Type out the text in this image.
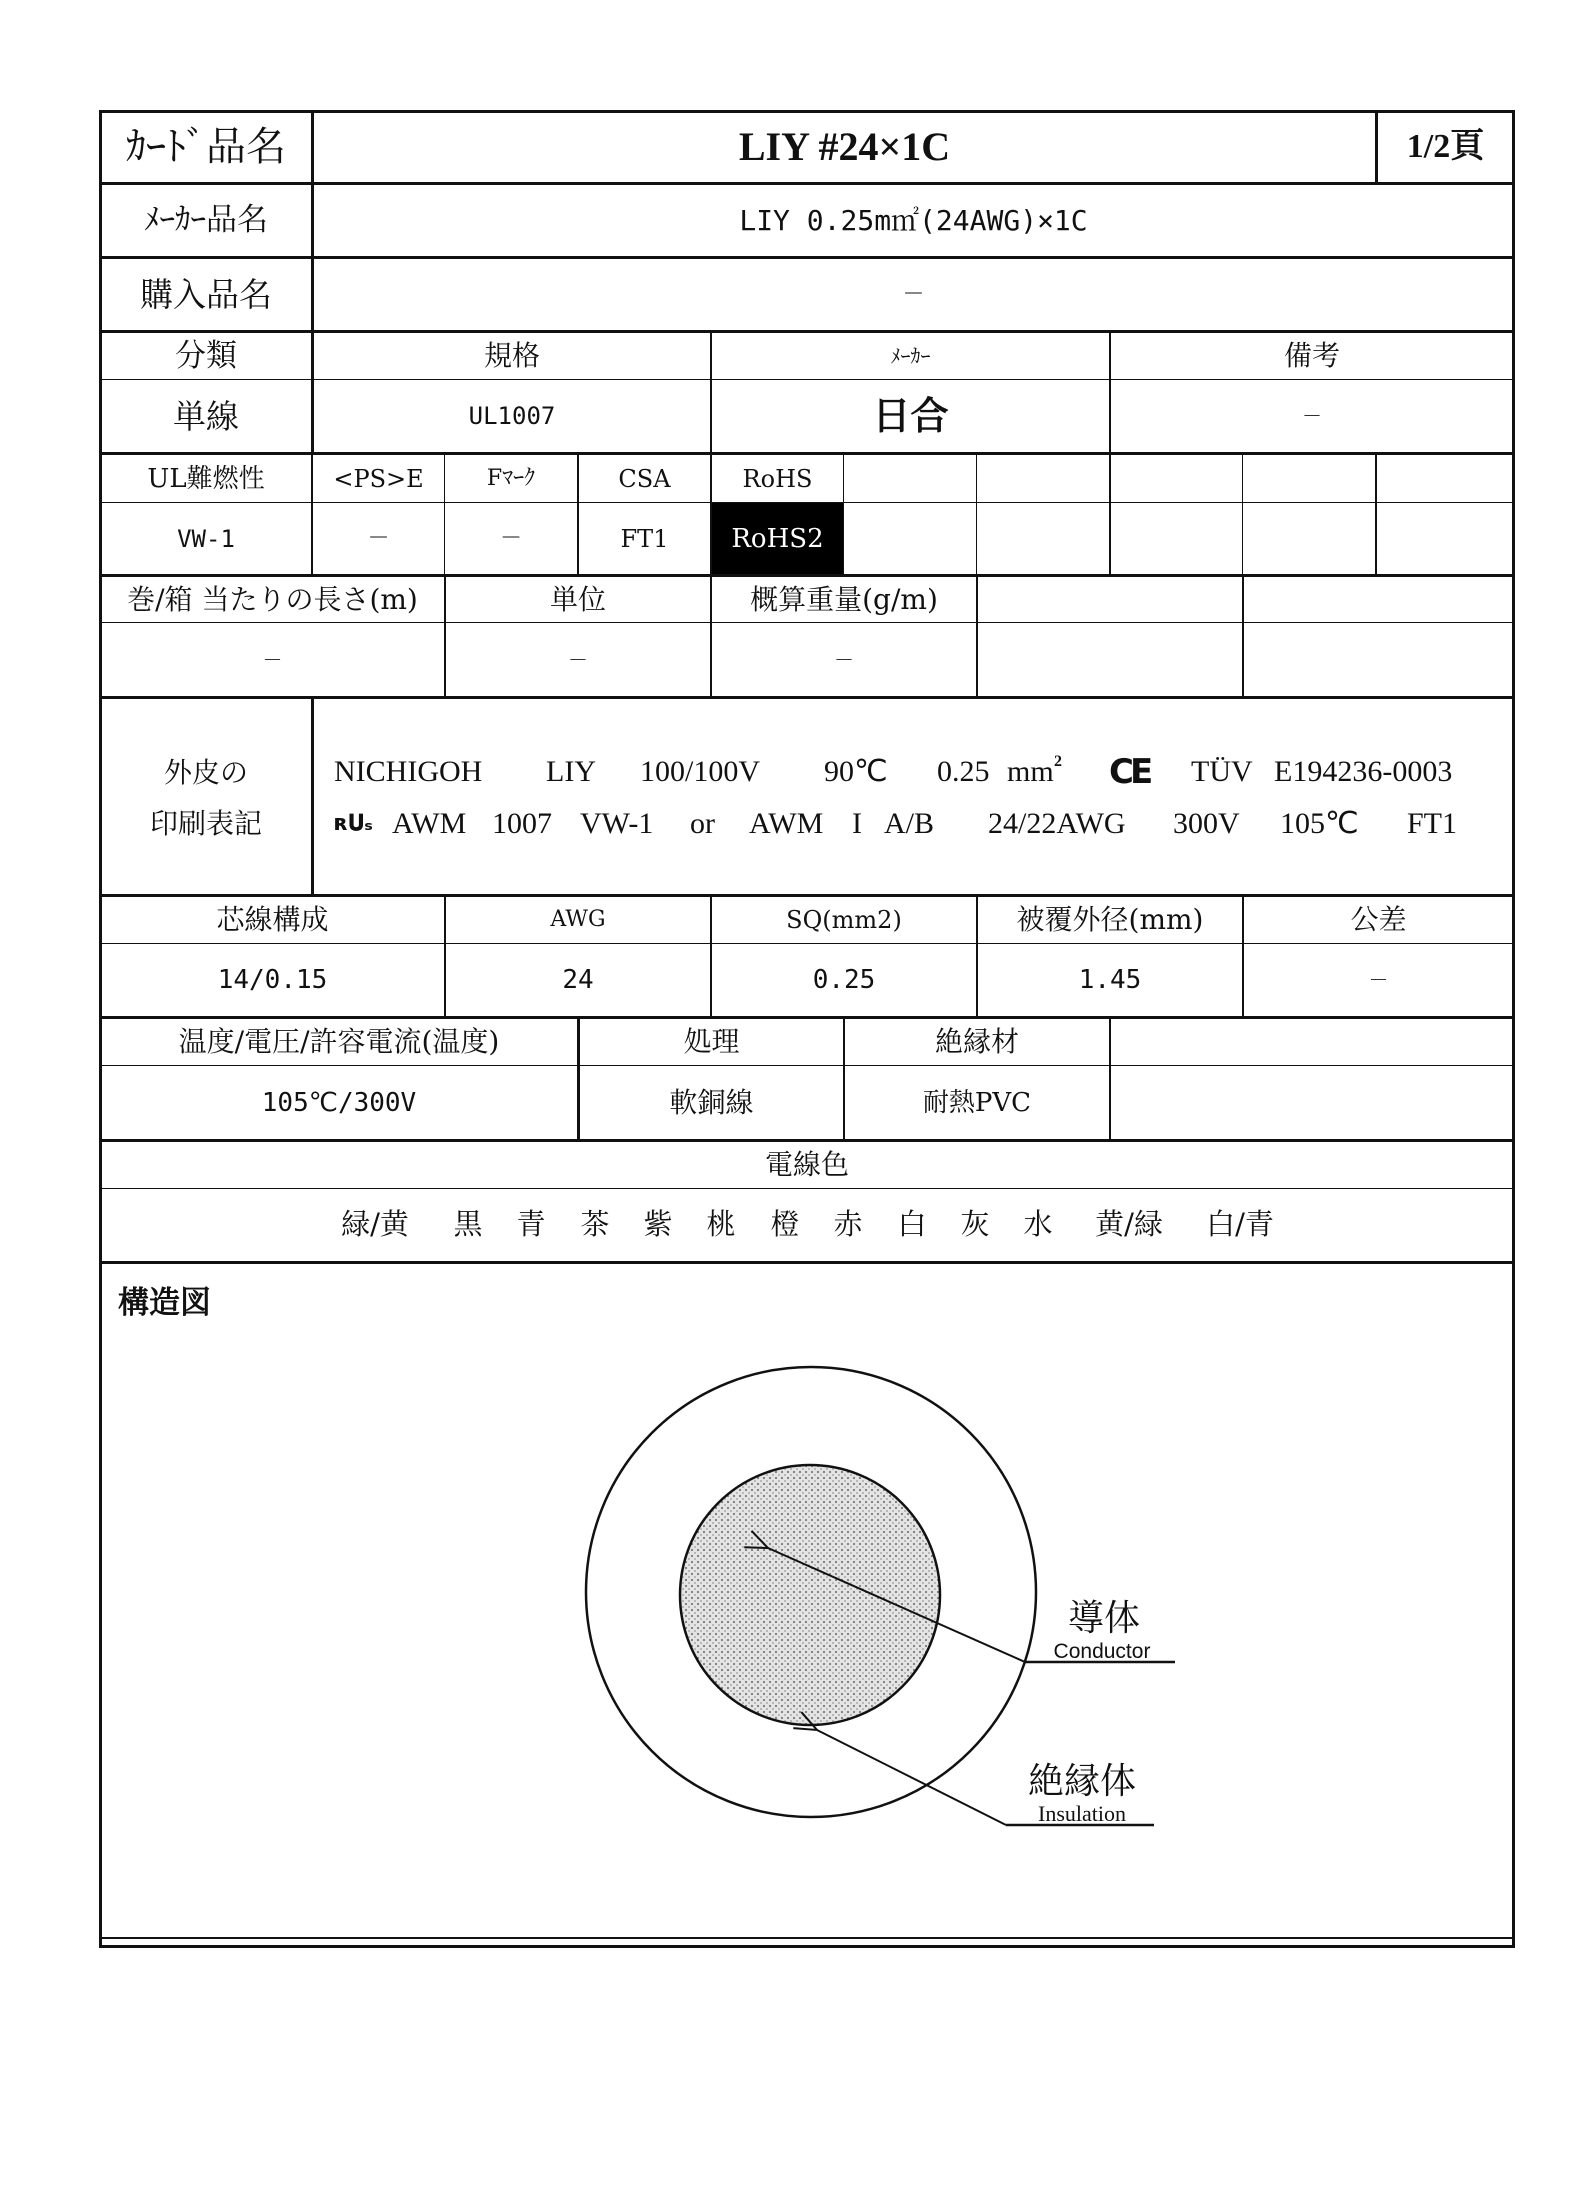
ｶｰﾄﾞ品名	LIY #24×1C	1/2頁
ﾒｰｶｰ品名	LIY 0.25m㎡(24AWG)×1C
購入品名	－
分類	規格	ﾒｰｶｰ	備考
単線	UL1007	日合	－
UL難燃性	<PS>E	Fﾏｰｸ	CSA	RoHS
VW-1	－	－	FT1	RoHS2
巻/箱 当たりの長さ(m)	単位	概算重量(g/m)
－	－	－
外皮の
印刷表記
NICHIGOH LIY	100/100V	90℃	0.25 mm 2 CE TÜV E194236-0003
ʀ𝐔ₛ AWM 1007 VW-1	or	AWM I A/B	24/22AWG	300V	105℃	FT1
芯線構成	AWG	SQ(mm2)	被覆外径(mm)	公差
14/0.15	24	0.25	1.45	－
温度/電圧/許容電流(温度)	処理	絶縁材
105℃/300V	軟銅線	耐熱PVC
電線色
緑/黄	黒 青 茶 紫 桃 橙 赤 白 灰 水	黄/緑	白/青
構造図
導体
Conductor
絶縁体
Insulation
